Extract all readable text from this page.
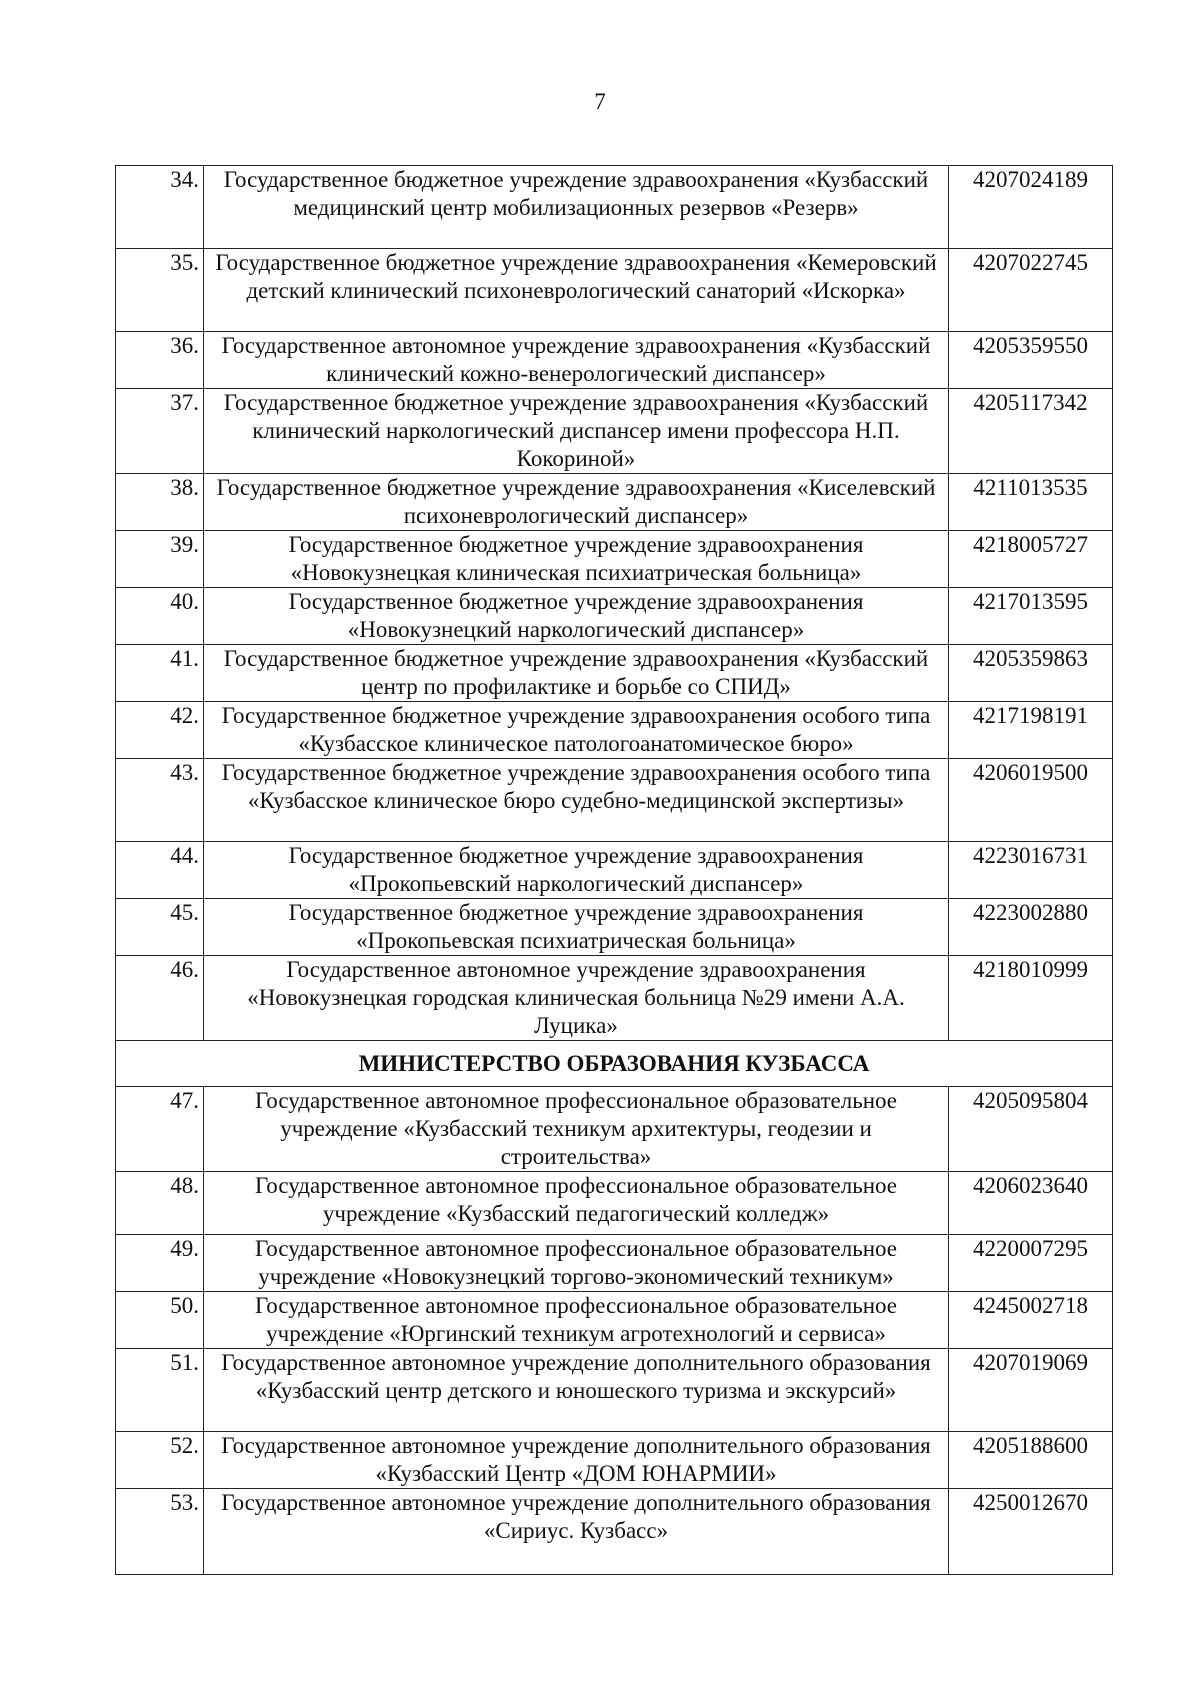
7
34.	Государственное бюджетное учреждение здравоохранения «Кузбасский медицинский центр мобилизационных резервов «Резерв»	4207024189
35.	Государственное бюджетное учреждение здравоохранения «Кемеровский детский клинический психоневрологический санаторий «Искорка»	4207022745
36.	Государственное автономное учреждение здравоохранения «Кузбасский клинический кожно-венерологический диспансер»	4205359550
37.	Государственное бюджетное учреждение здравоохранения «Кузбасский клинический наркологический диспансер имени профессора Н.П. Кокориной»	4205117342
38.	Государственное бюджетное учреждение здравоохранения «Киселевский психоневрологический диспансер»	4211013535
39.	Государственное бюджетное учреждение здравоохранения «Новокузнецкая клиническая психиатрическая больница»	4218005727
40.	Государственное бюджетное учреждение здравоохранения «Новокузнецкий наркологический диспансер»	4217013595
41.	Государственное бюджетное учреждение здравоохранения «Кузбасский центр по профилактике и борьбе со СПИД»	4205359863
42.	Государственное бюджетное учреждение здравоохранения особого типа «Кузбасское клиническое патологоанатомическое бюро»	4217198191
43.	Государственное бюджетное учреждение здравоохранения особого типа «Кузбасское клиническое бюро судебно-медицинской экспертизы»	4206019500
44.	Государственное бюджетное учреждение здравоохранения «Прокопьевский наркологический диспансер»	4223016731
45.	Государственное бюджетное учреждение здравоохранения «Прокопьевская психиатрическая больница»	4223002880
46.	Государственное автономное учреждение здравоохранения «Новокузнецкая городская клиническая больница №29 имени А.А. Луцика»	4218010999
МИНИСТЕРСТВО ОБРАЗОВАНИЯ КУЗБАССА		
47.	Государственное автономное профессиональное образовательное учреждение «Кузбасский техникум архитектуры, геодезии и строительства»	4205095804
48.	Государственное автономное профессиональное образовательное учреждение «Кузбасский педагогический колледж»	4206023640
49.	Государственное автономное профессиональное образовательное учреждение «Новокузнецкий торгово-экономический техникум»	4220007295
50.	Государственное автономное профессиональное образовательное учреждение «Юргинский техникум агротехнологий и сервиса»	4245002718
51.	Государственное автономное учреждение дополнительного образования «Кузбасский центр детского и юношеского туризма и экскурсий»	4207019069
52.	Государственное автономное учреждение дополнительного образования «Кузбасский Центр «ДОМ ЮНАРМИИ»	4205188600
53.	Государственное автономное учреждение дополнительного образования «Сириус. Кузбасс»	4250012670
